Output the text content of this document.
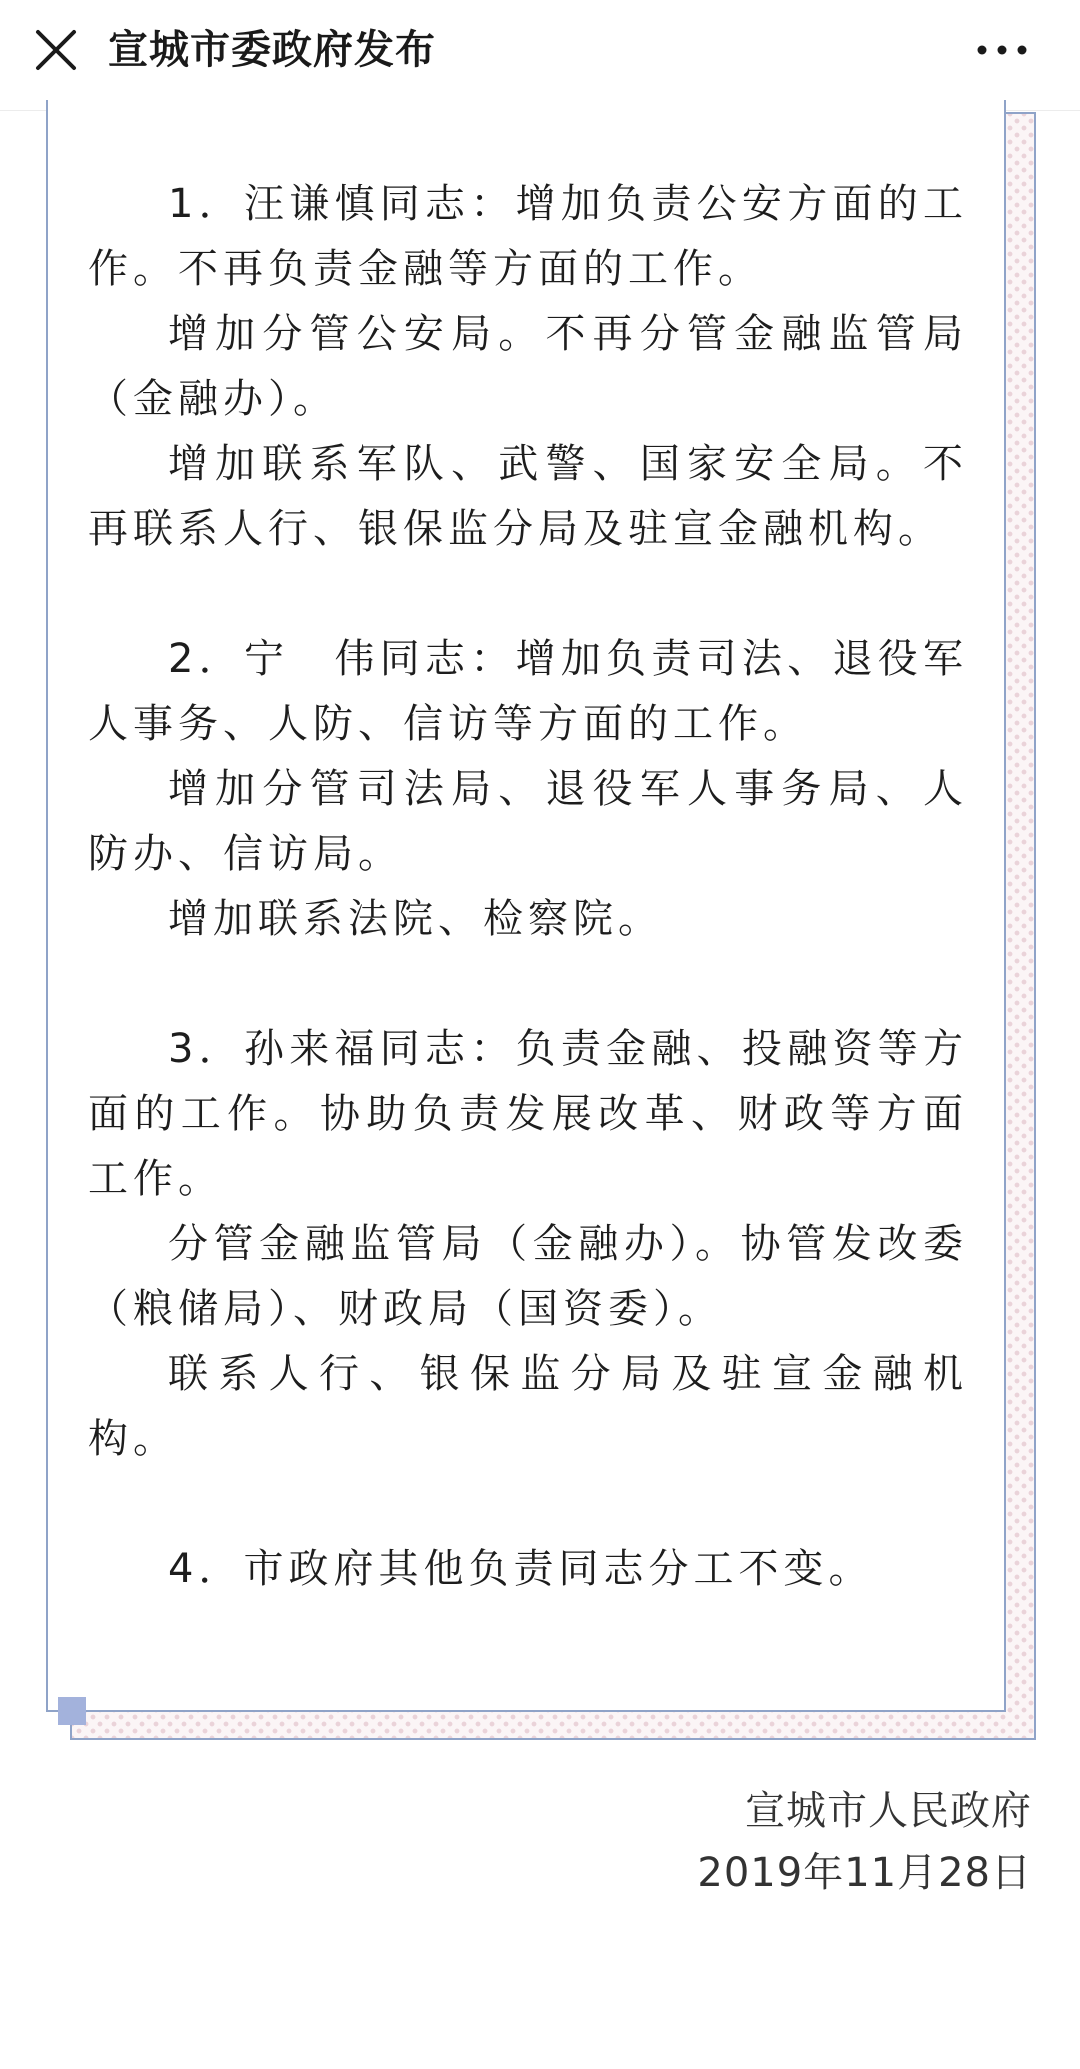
宣城市委政府发布

1．汪谦慎同志：增加负责公安方面的工作。不再负责金融等方面的工作。

增加分管公安局。不再分管金融监管局（金融办）。

增加联系军队、武警、国家安全局。不再联系人行、银保监分局及驻宣金融机构。

2．宁　伟同志：增加负责司法、退役军人事务、人防、信访等方面的工作。

增加分管司法局、退役军人事务局、人防办、信访局。

增加联系法院、检察院。

3．孙来福同志：负责金融、投融资等方面的工作。协助负责发展改革、财政等方面工作。

分管金融监管局（金融办）。协管发改委（粮储局）、财政局（国资委）。

联系人行、银保监分局及驻宣金融机构。

4．市政府其他负责同志分工不变。

宣城市人民政府
2019年11月28日
